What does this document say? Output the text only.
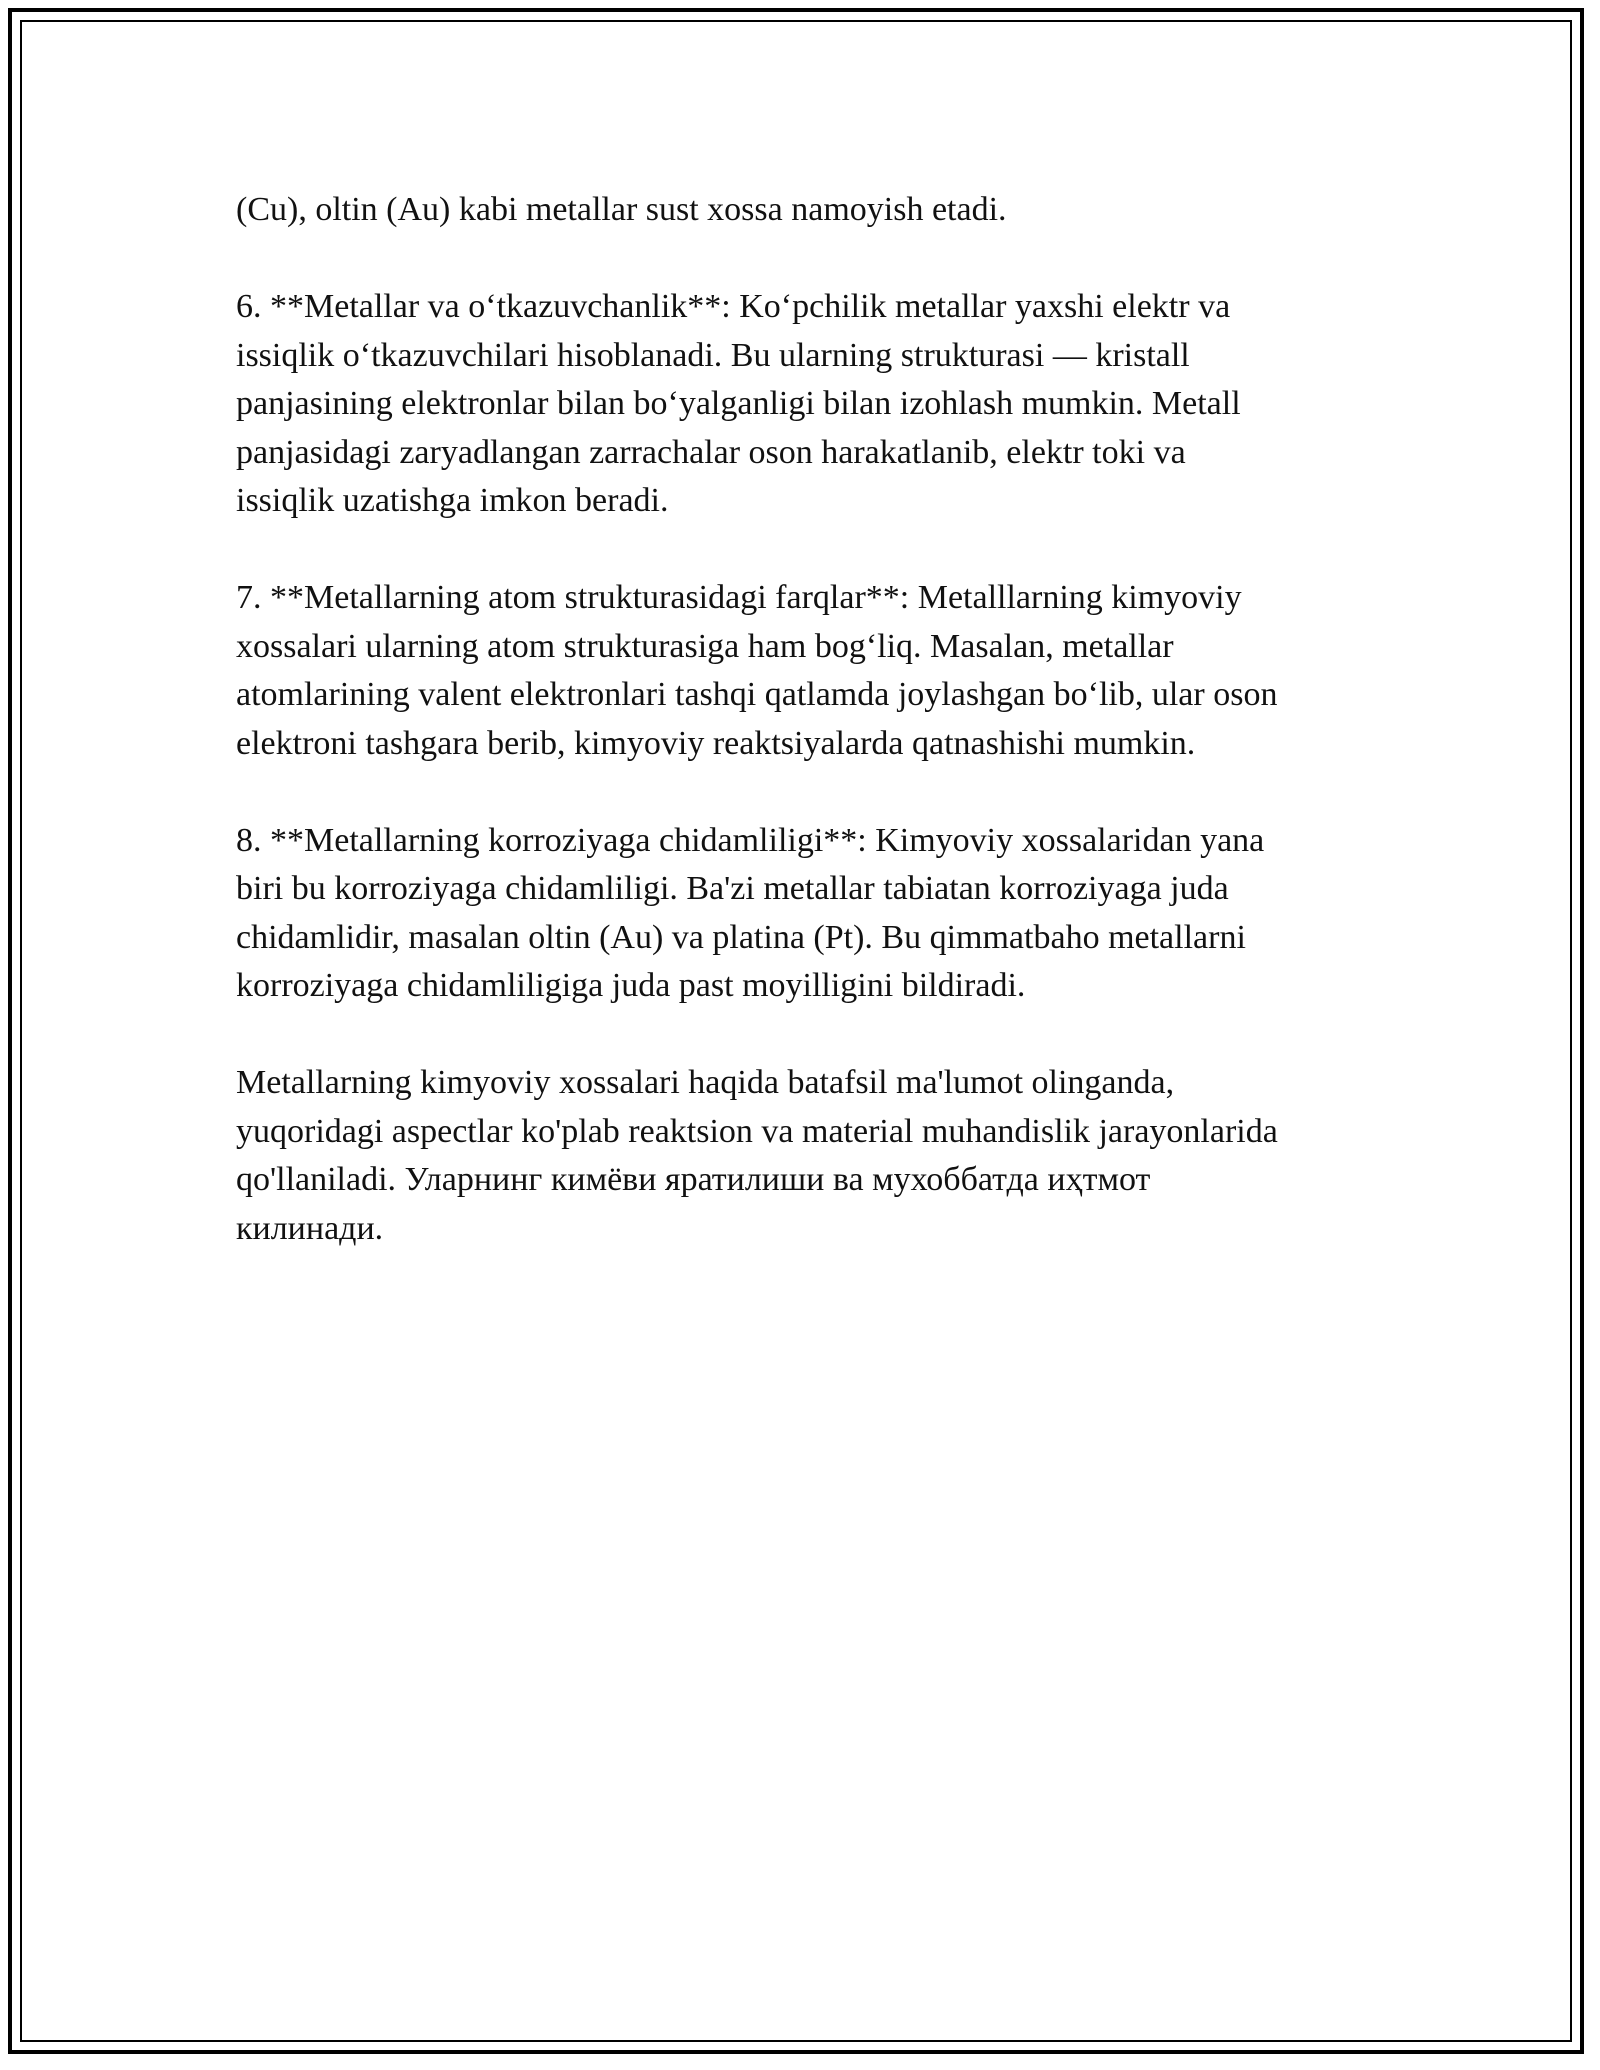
(Cu), oltin (Au) kabi metallar sust xossa namoyish etadi.

6. **Metallar va o‘tkazuvchanlik**: Ko‘pchilik metallar yaxshi elektr va
issiqlik o‘tkazuvchilari hisoblanadi. Bu ularning strukturasi — kristall
panjasining elektronlar bilan bo‘yalganligi bilan izohlash mumkin. Metall
panjasidagi zaryadlangan zarrachalar oson harakatlanib, elektr toki va
issiqlik uzatishga imkon beradi.

7. **Metallarning atom strukturasidagi farqlar**: Metalllarning kimyoviy
xossalari ularning atom strukturasiga ham bog‘liq. Masalan, metallar
atomlarining valent elektronlari tashqi qatlamda joylashgan bo‘lib, ular oson
elektroni tashgara berib, kimyoviy reaktsiyalarda qatnashishi mumkin.

8. **Metallarning korroziyaga chidamliligi**: Kimyoviy xossalaridan yana
biri bu korroziyaga chidamliligi. Ba'zi metallar tabiatan korroziyaga juda
chidamlidir, masalan oltin (Au) va platina (Pt). Bu qimmatbaho metallarni
korroziyaga chidamliligiga juda past moyilligini bildiradi.

Metallarning kimyoviy xossalari haqida batafsil ma'lumot olinganda,
yuqoridagi aspectlar ko'plab reaktsion va material muhandislik jarayonlarida
qo'llaniladi. Уларнинг кимёви яратилиши ва мухоббатда иҳтмот
килинади.
